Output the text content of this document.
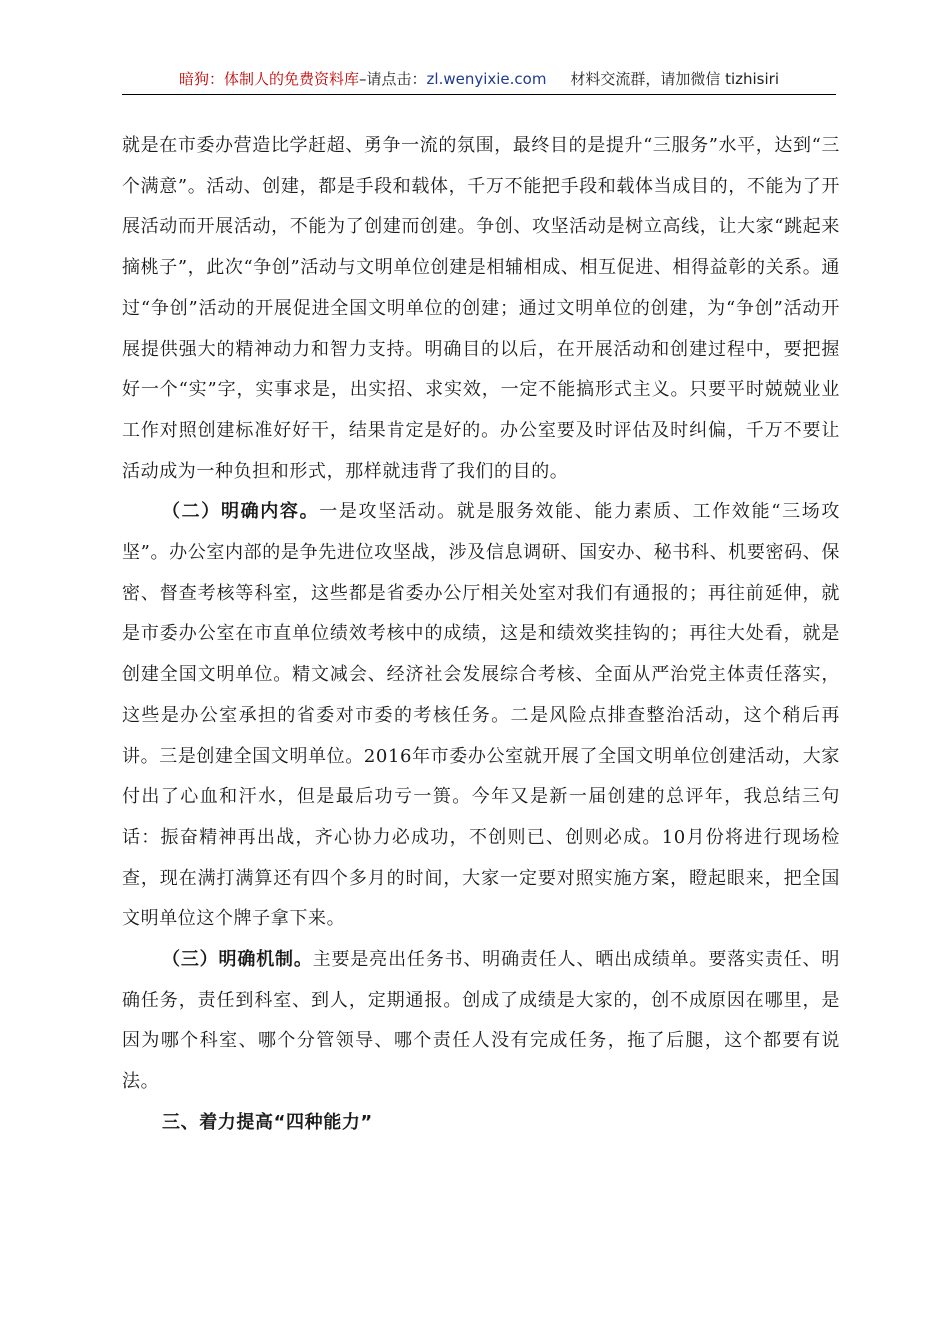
暗狗：体制人的免费资料库–请点击：zl.wenyixie.com 材料交流群，请加微信 tizhisiri

就是在市委办营造比学赶超、勇争一流的氛围，最终目的是提升“三服务”水平，达到“三个满意”。活动、创建，都是手段和载体，千万不能把手段和载体当成目的，不能为了开展活动而开展活动，不能为了创建而创建。争创、攻坚活动是树立高线，让大家“跳起来摘桃子”，此次“争创”活动与文明单位创建是相辅相成、相互促进、相得益彰的关系。通过“争创”活动的开展促进全国文明单位的创建；通过文明单位的创建，为“争创”活动开展提供强大的精神动力和智力支持。明确目的以后，在开展活动和创建过程中，要把握好一个“实”字，实事求是，出实招、求实效，一定不能搞形式主义。只要平时兢兢业业工作对照创建标准好好干，结果肯定是好的。办公室要及时评估及时纠偏，千万不要让活动成为一种负担和形式，那样就违背了我们的目的。

（二）明确内容。一是攻坚活动。就是服务效能、能力素质、工作效能“三场攻坚”。办公室内部的是争先进位攻坚战，涉及信息调研、国安办、秘书科、机要密码、保密、督查考核等科室，这些都是省委办公厅相关处室对我们有通报的；再往前延伸，就是市委办公室在市直单位绩效考核中的成绩，这是和绩效奖挂钩的；再往大处看，就是创建全国文明单位。精文减会、经济社会发展综合考核、全面从严治党主体责任落实，这些是办公室承担的省委对市委的考核任务。二是风险点排查整治活动，这个稍后再讲。三是创建全国文明单位。2016年市委办公室就开展了全国文明单位创建活动，大家付出了心血和汗水，但是最后功亏一篑。今年又是新一届创建的总评年，我总结三句话：振奋精神再出战，齐心协力必成功，不创则已、创则必成。10月份将进行现场检查，现在满打满算还有四个多月的时间，大家一定要对照实施方案，瞪起眼来，把全国文明单位这个牌子拿下来。

（三）明确机制。主要是亮出任务书、明确责任人、晒出成绩单。要落实责任、明确任务，责任到科室、到人，定期通报。创成了成绩是大家的，创不成原因在哪里，是因为哪个科室、哪个分管领导、哪个责任人没有完成任务，拖了后腿，这个都要有说法。

三、着力提高“四种能力”
